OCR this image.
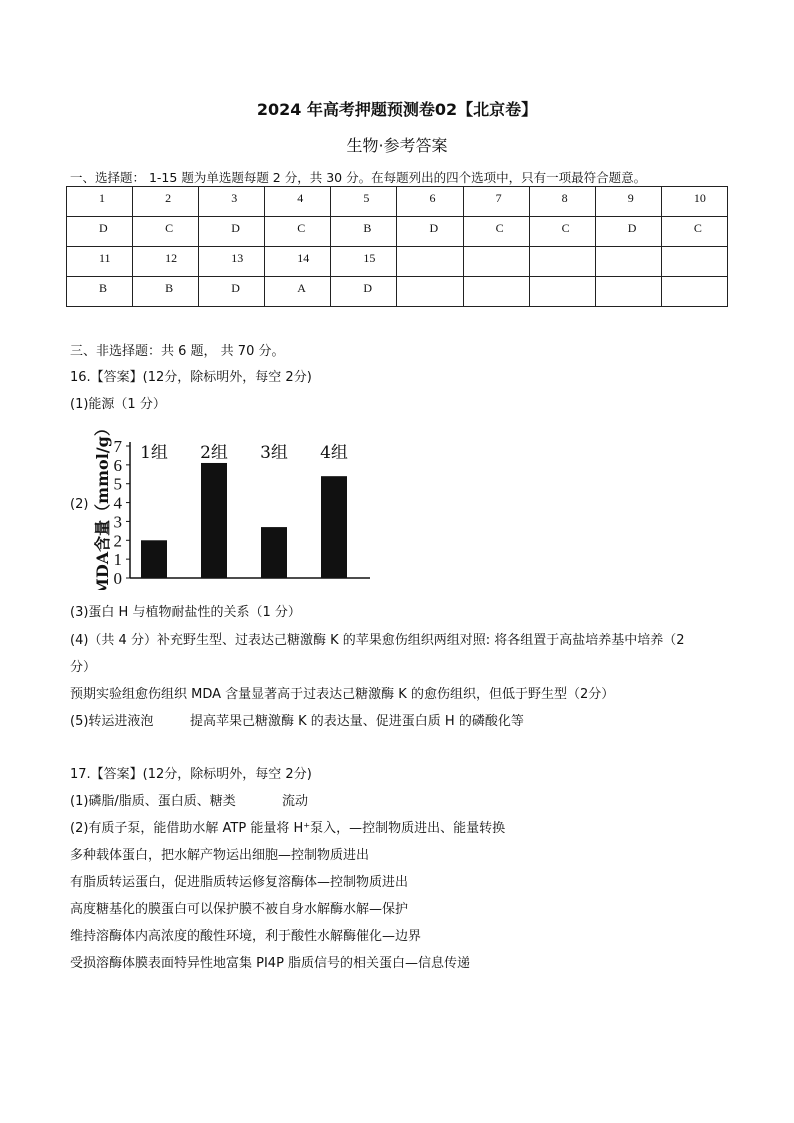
2024 年高考押题预测卷02【北京卷】
生物·参考答案
一、选择题： 1-15 题为单选题每题 2 分，共 30 分。在每题列出的四个选项中，只有一项最符合题意。
1	2	3	4	5	6	7	8	9	10
D	C	D	C	B	D	C	C	D	C
11	12	13	14	15					
B	B	D	A	D					
三、非选择题：共 6 题， 共 70 分。
16.【答案】(12分，除标明外，每空 2分)
(1)能源（1 分）
(2)
0
1
2
3
4
5
6
7
MDA含量（mmol/g） 1组 2组 3组 4组
(3)蛋白 H 与植物耐盐性的关系（1 分）
(4)（共 4 分）补充野生型、过表达己糖激酶 K 的苹果愈伤组织两组对照: 将各组置于高盐培养基中培养（2
分）
预期实验组愈伤组织 MDA 含量显著高于过表达己糖激酶 K 的愈伤组织，但低于野生型（2分）
(5)转运进液泡	提高苹果己糖激酶 K 的表达量、促进蛋白质 H 的磷酸化等
17.【答案】(12分，除标明外，每空 2分)
(1)磷脂/脂质、蛋白质、糖类	流动
(2)有质子泵，能借助水解 ATP 能量将 H⁺泵入，—控制物质进出、能量转换
多种载体蛋白，把水解产物运出细胞—控制物质进出
有脂质转运蛋白，促进脂质转运修复溶酶体—控制物质进出
高度糖基化的膜蛋白可以保护膜不被自身水解酶水解—保护
维持溶酶体内高浓度的酸性环境，利于酸性水解酶催化—边界
受损溶酶体膜表面特异性地富集 PI4P 脂质信号的相关蛋白—信息传递
